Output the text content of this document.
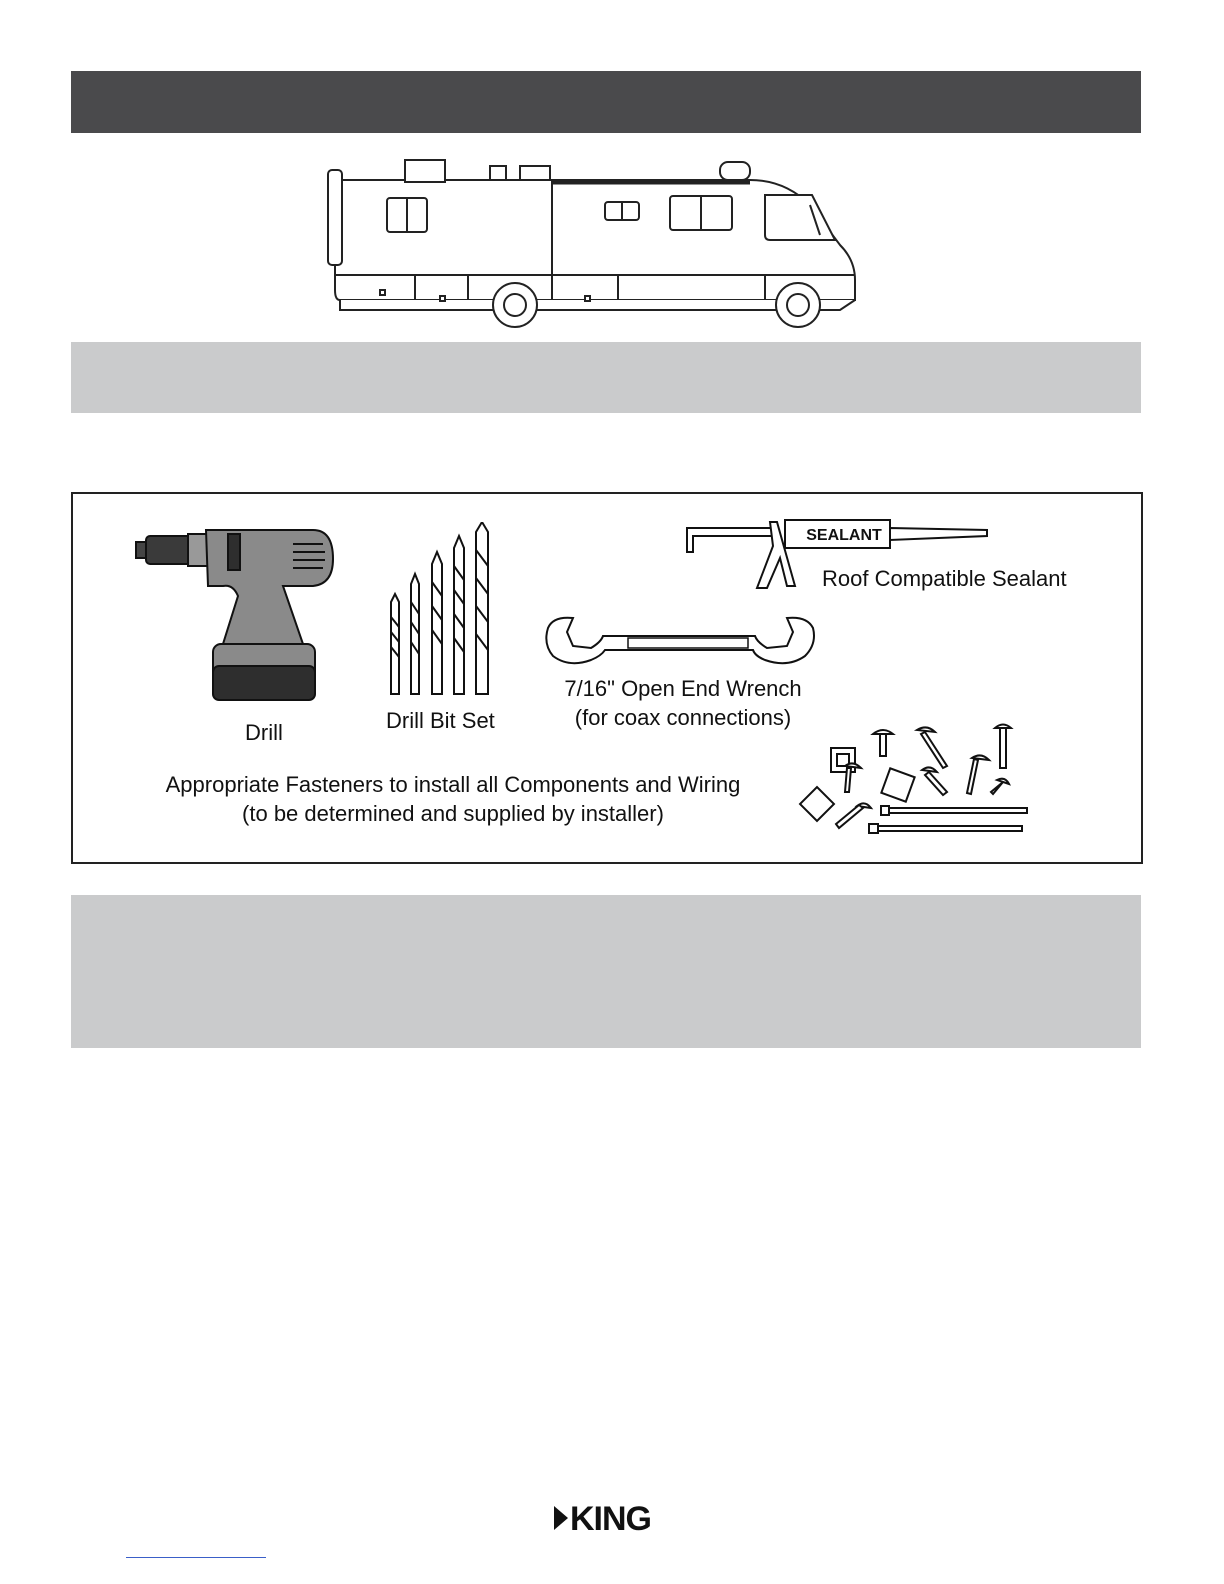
Drill	Drill Bit Set
SEALANT
Roof Compatible Sealant
7/16" Open End Wrench
(for coax connections)
Appropriate Fasteners to install all Components and Wiring
(to be determined and supplied by installer)
KING
